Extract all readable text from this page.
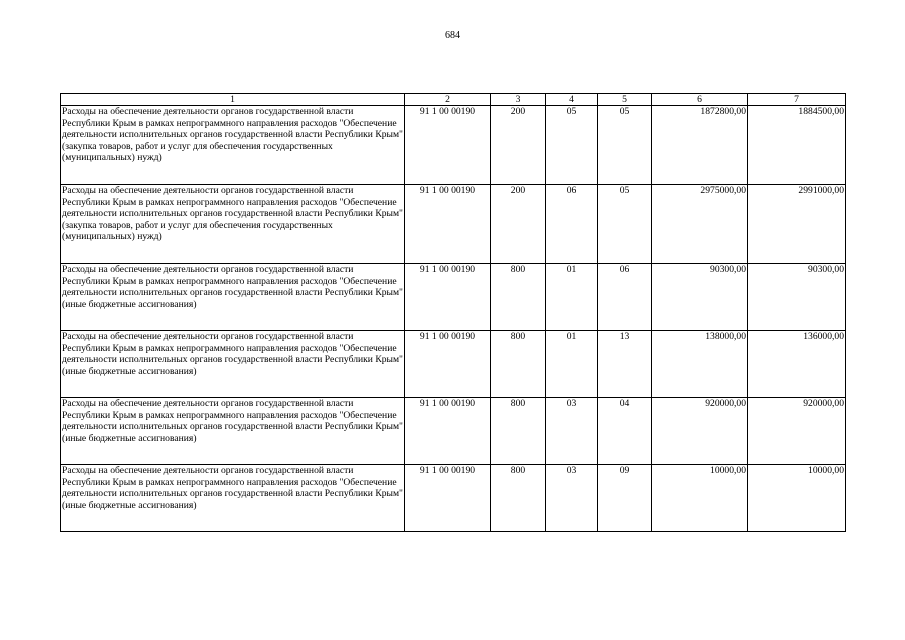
684
1	2	3	4	5	6	7
Расходы на обеспечение деятельности органов государственной власти Республики Крым в рамках непрограммного направления расходов "Обеспечение деятельности исполнительных органов государственной власти Республики Крым" (закупка товаров, работ и услуг для обеспечения государственных (муниципальных) нужд)	91 1 00 00190	200	05	05	1872800,00	1884500,00
Расходы на обеспечение деятельности органов государственной власти Республики Крым в рамках непрограммного направления расходов "Обеспечение деятельности исполнительных органов государственной власти Республики Крым" (закупка товаров, работ и услуг для обеспечения государственных (муниципальных) нужд)	91 1 00 00190	200	06	05	2975000,00	2991000,00
Расходы на обеспечение деятельности органов государственной власти Республики Крым в рамках непрограммного направления расходов "Обеспечение деятельности исполнительных органов государственной власти Республики Крым" (иные бюджетные ассигнования)	91 1 00 00190	800	01	06	90300,00	90300,00
Расходы на обеспечение деятельности органов государственной власти Республики Крым в рамках непрограммного направления расходов "Обеспечение деятельности исполнительных органов государственной власти Республики Крым" (иные бюджетные ассигнования)	91 1 00 00190	800	01	13	138000,00	136000,00
Расходы на обеспечение деятельности органов государственной власти Республики Крым в рамках непрограммного направления расходов "Обеспечение деятельности исполнительных органов государственной власти Республики Крым" (иные бюджетные ассигнования)	91 1 00 00190	800	03	04	920000,00	920000,00
Расходы на обеспечение деятельности органов государственной власти Республики Крым в рамках непрограммного направления расходов "Обеспечение деятельности исполнительных органов государственной власти Республики Крым" (иные бюджетные ассигнования)	91 1 00 00190	800	03	09	10000,00	10000,00
